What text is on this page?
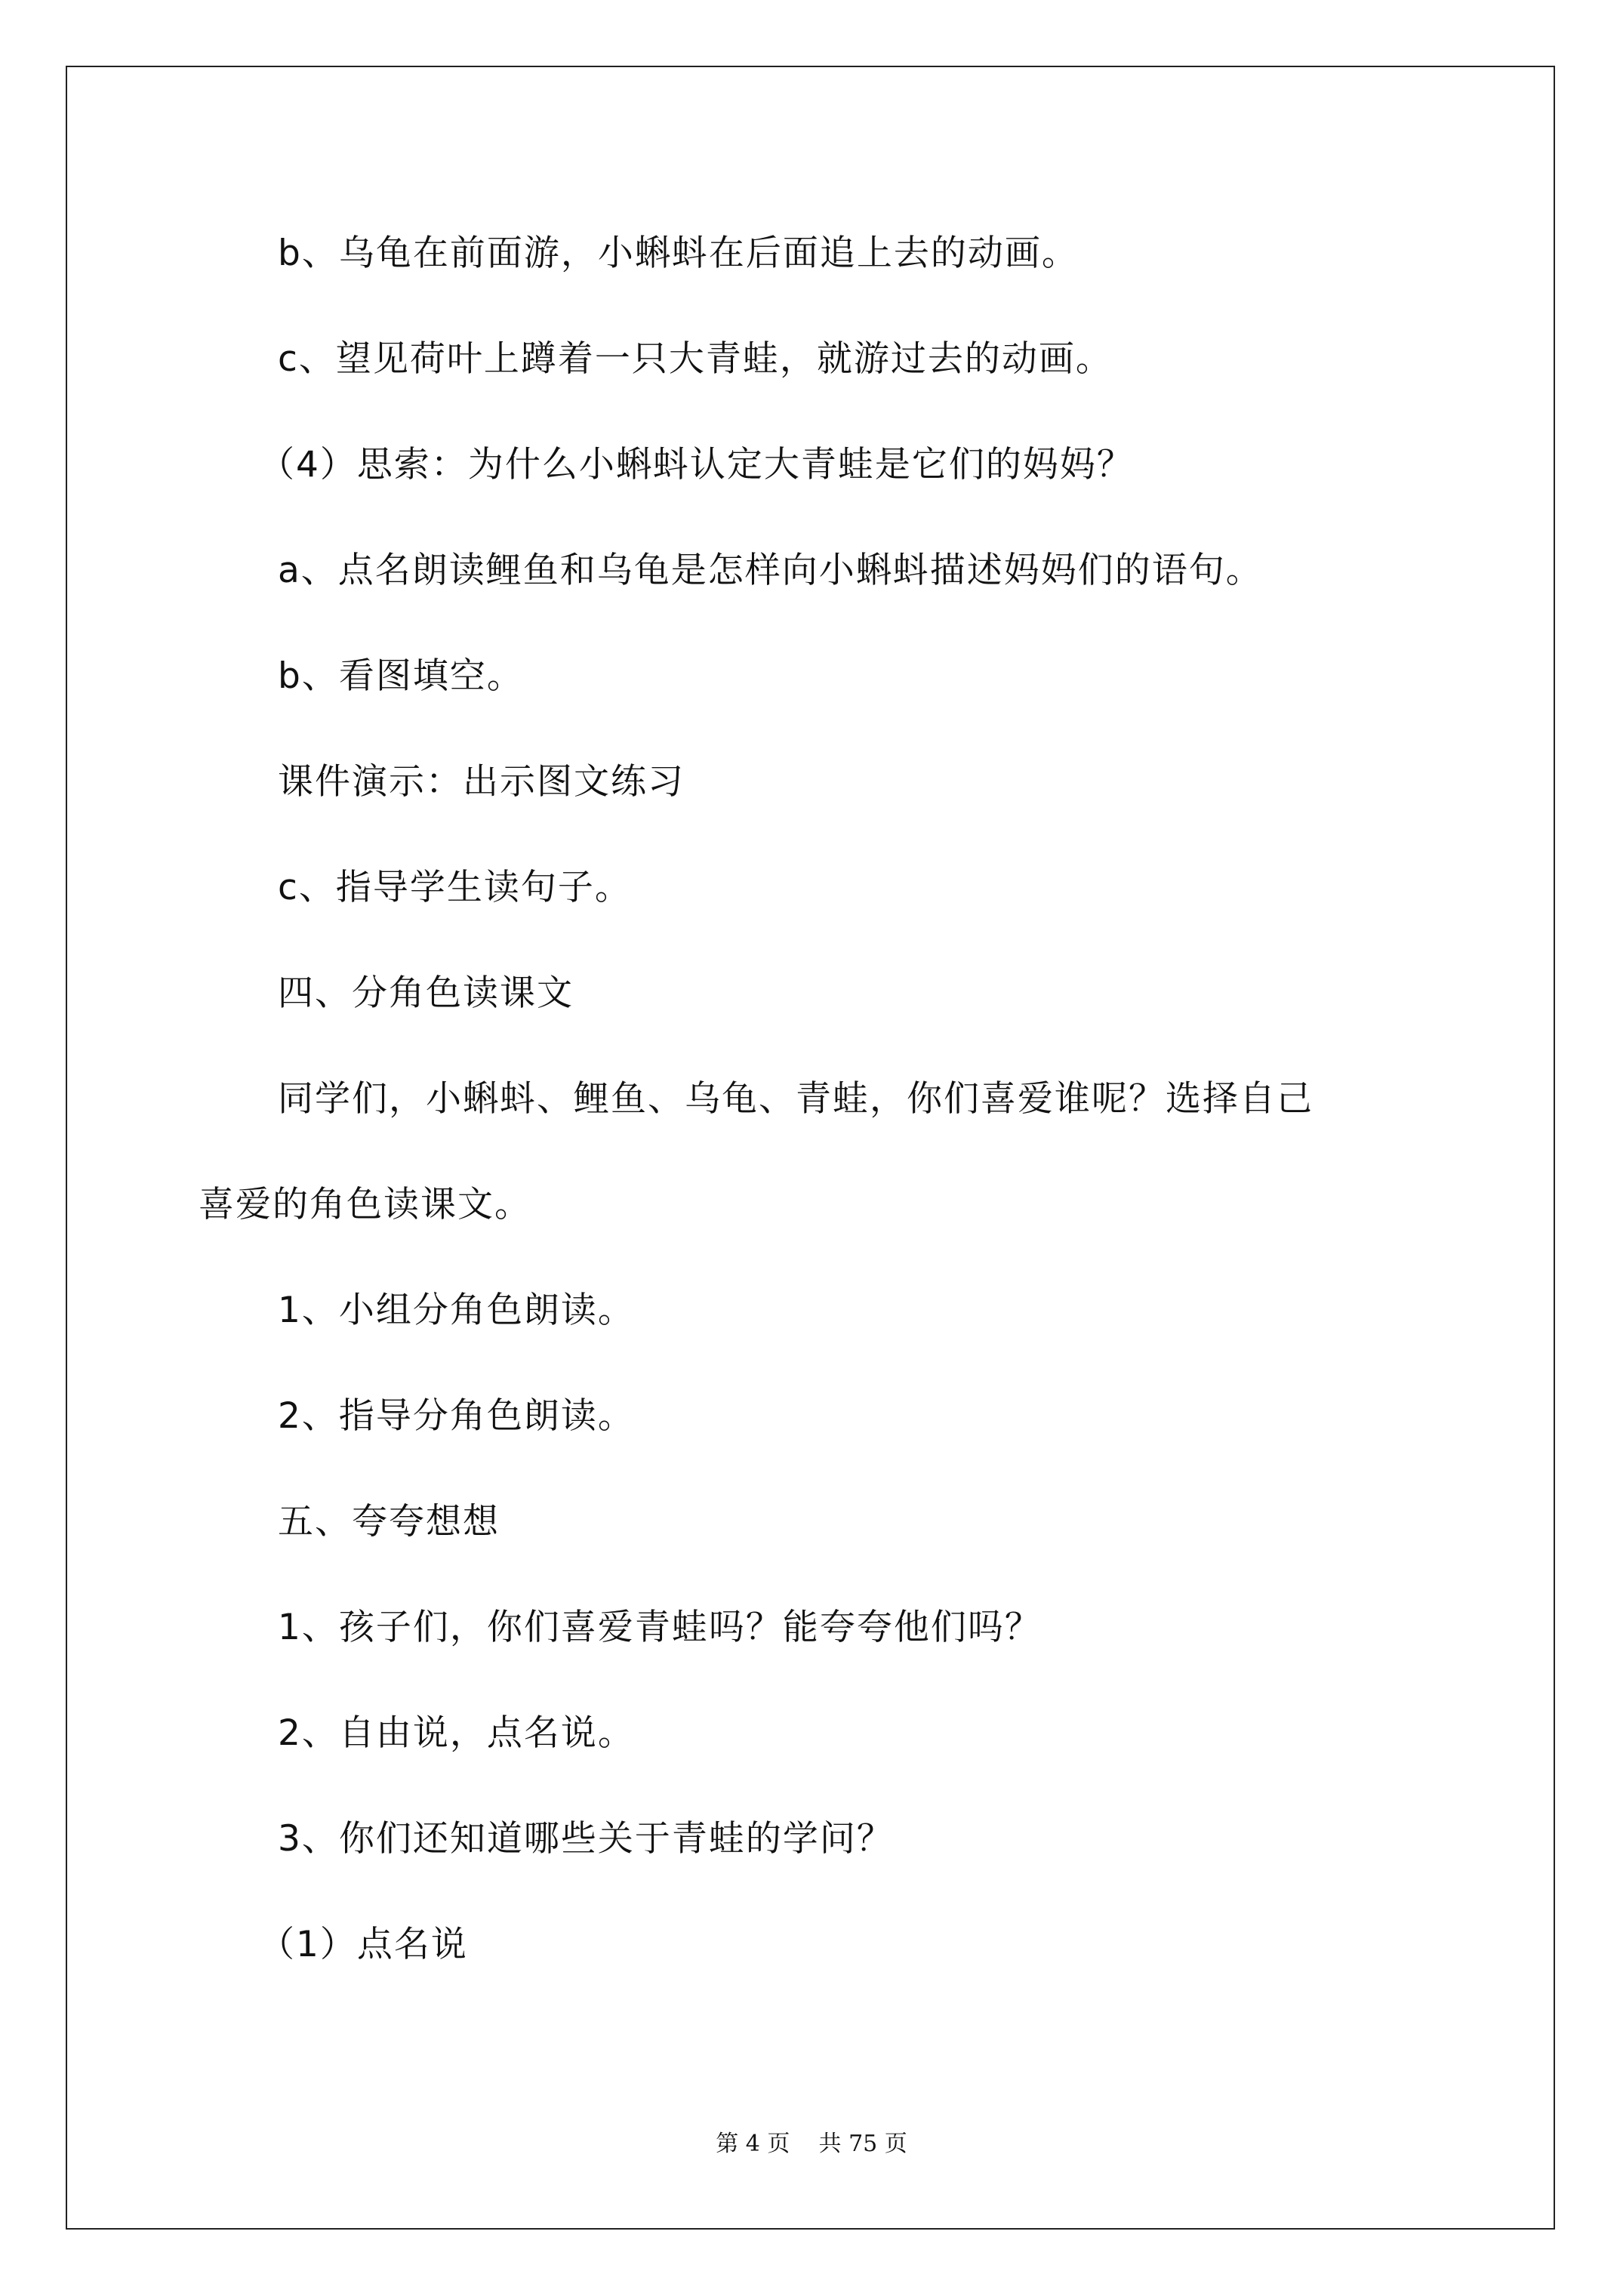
b、乌龟在前面游，小蝌蚪在后面追上去的动画。
c、望见荷叶上蹲着一只大青蛙，就游过去的动画。
（4）思索：为什么小蝌蚪认定大青蛙是它们的妈妈？
a、点名朗读鲤鱼和乌龟是怎样向小蝌蚪描述妈妈们的语句。
b、看图填空。
课件演示：出示图文练习
c、指导学生读句子。
四、分角色读课文
同学们，小蝌蚪、鲤鱼、乌龟、青蛙，你们喜爱谁呢？选择自己
喜爱的角色读课文。
1、小组分角色朗读。
2、指导分角色朗读。
五、夸夸想想
1、孩子们，你们喜爱青蛙吗？能夸夸他们吗？
2、自由说，点名说。
3、你们还知道哪些关于青蛙的学问？
（1）点名说
第 4 页 共 75 页
